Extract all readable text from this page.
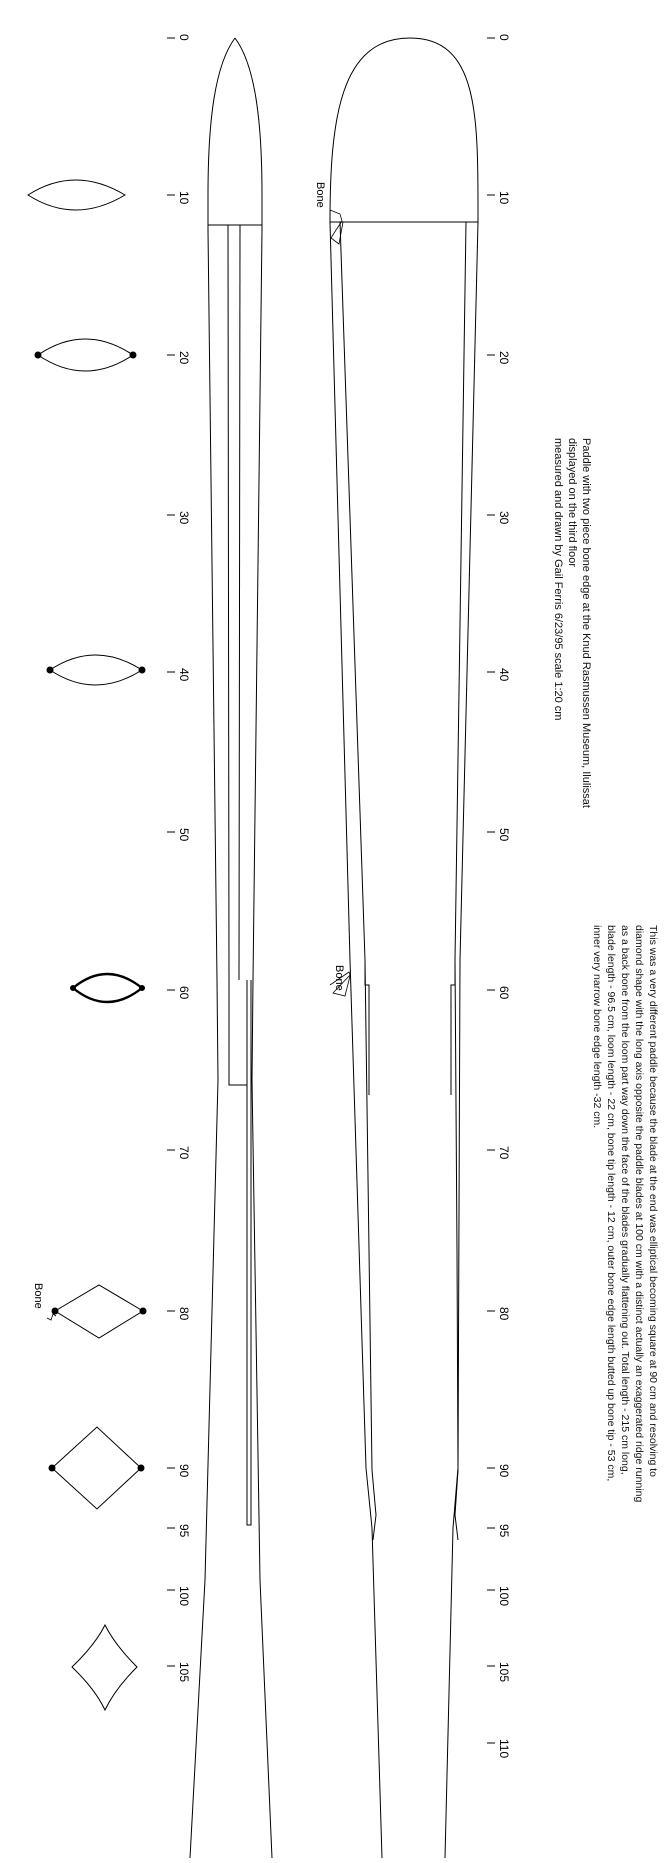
0
10
20
30
40
50
60
70
80
90
95
100
105
0
10
20
30
40
50
60
70
80
90
95
100
105
110
Bone
Bone
Bone
Paddle with two piece bone edge at the Knud Rasmussen Museum, Ilulissat
displayed on the third floor
measured and drawn by Gail Ferris 6/23/95 scale 1:20 cm
This was a very different paddle because the blade at the end was elliptical becoming square at 90 cm and resolving to
diamond shape with the long axis opposite the paddle blades at 100 cm with a distinct actually an exaggerated ridge running
as a back bone from the loom part way down the face of the blades gradually flattening out. Total length - 215 cm long,
blade length - 96.5 cm, loom length - 22 cm, bone tip length - 12 cm, outer bone edge length butted up bone tip - 53 cm,
inner very narrow bone edge length -32 cm.
